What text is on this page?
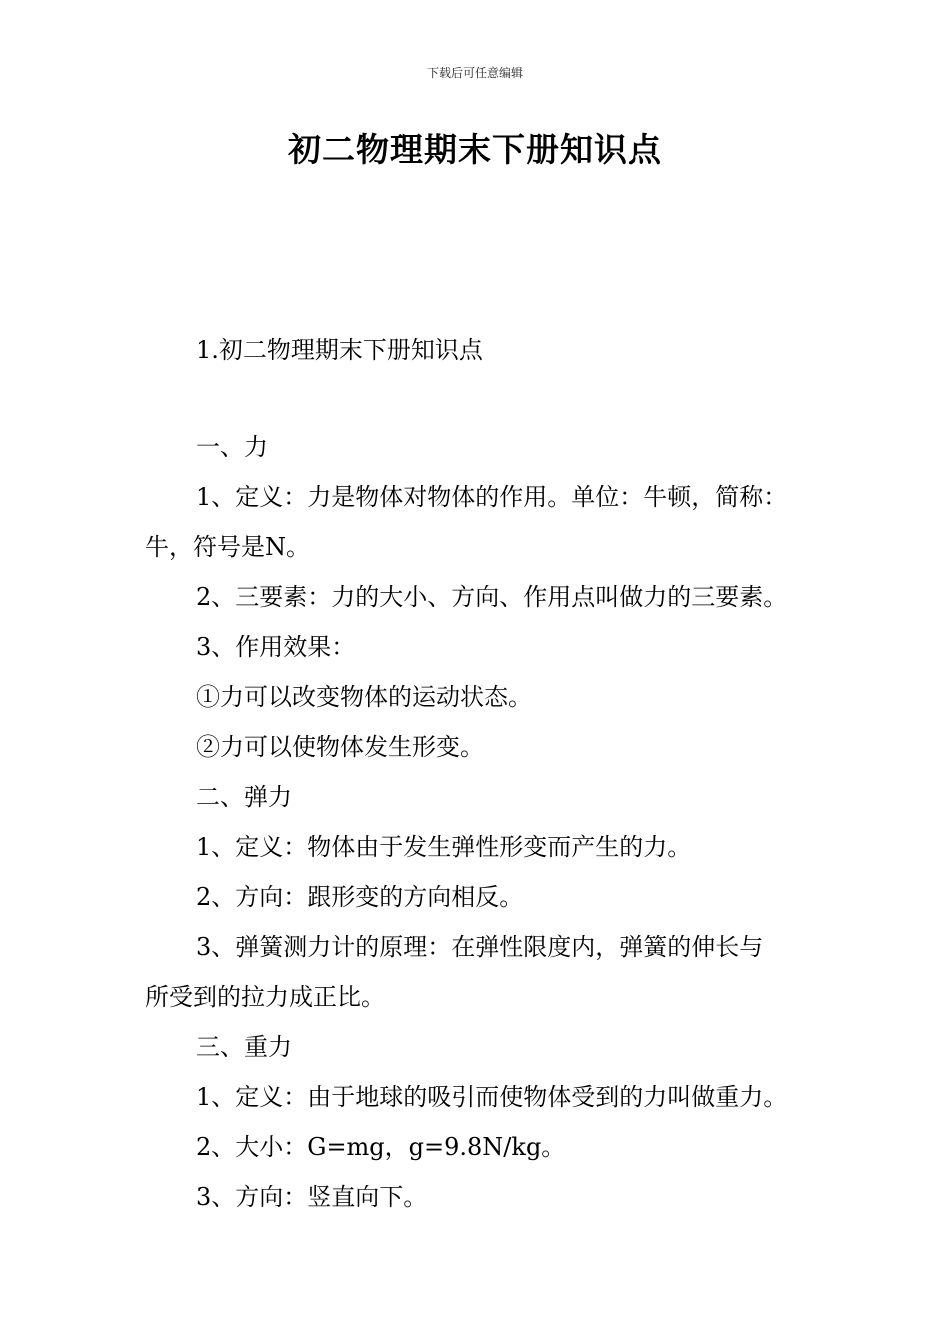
下载后可任意编辑
初二物理期末下册知识点
1.初二物理期末下册知识点
一、力
1、定义：力是物体对物体的作用。单位：牛顿，简称：
牛，符号是N。
2、三要素：力的大小、方向、作用点叫做力的三要素。
3、作用效果：
①力可以改变物体的运动状态。
②力可以使物体发生形变。
二、弹力
1、定义：物体由于发生弹性形变而产生的力。
2、方向：跟形变的方向相反。
3、弹簧测力计的原理：在弹性限度内，弹簧的伸长与
所受到的拉力成正比。
三、重力
1、定义：由于地球的吸引而使物体受到的力叫做重力。
2、大小：G=mg，g=9.8N/kg。
3、方向：竖直向下。
